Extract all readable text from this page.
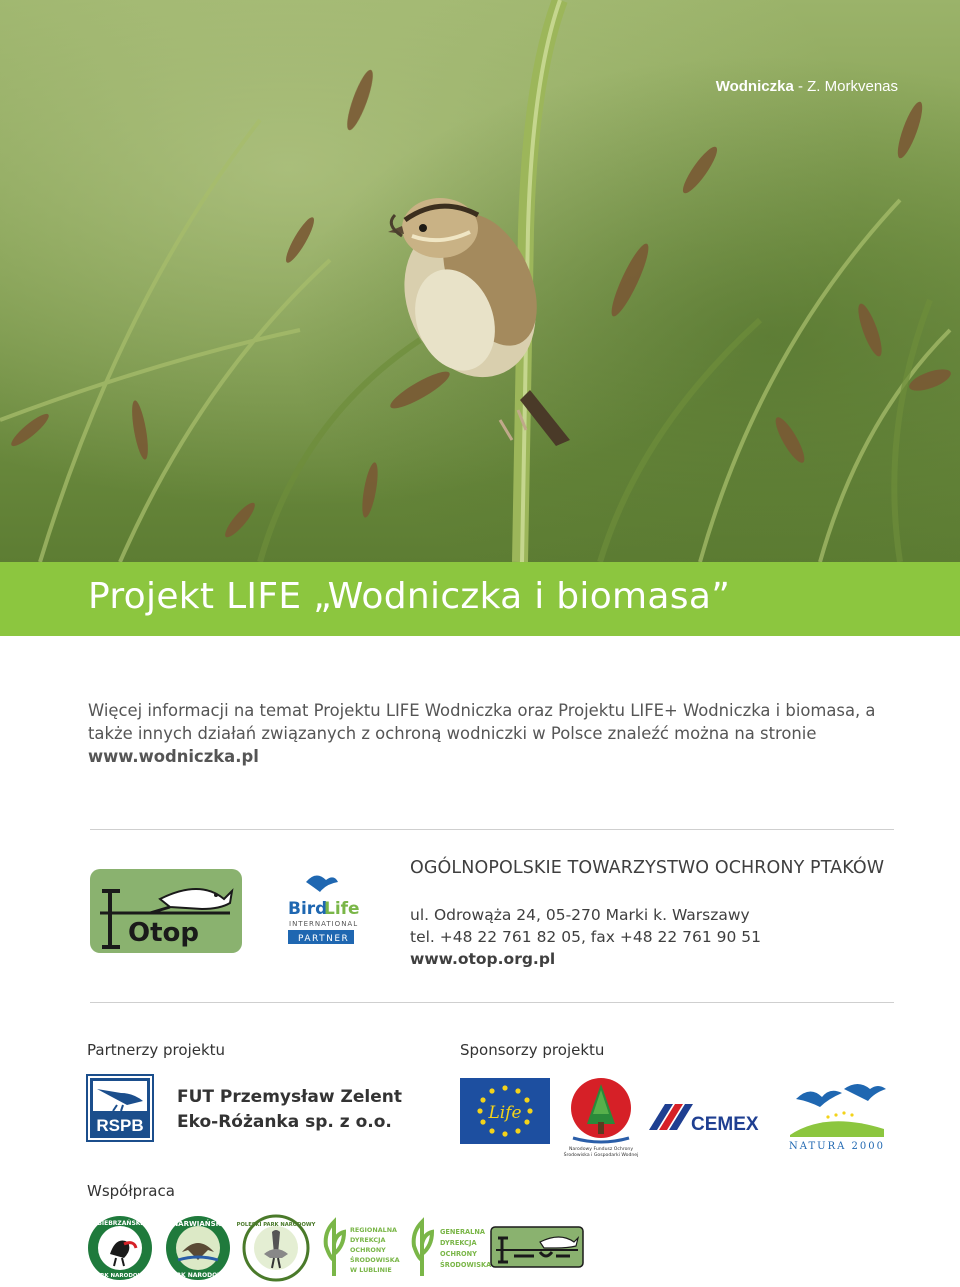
Wodniczka - Z. Morkvenas
Projekt LIFE „Wodniczka i biomasa”
Więcej informacji na temat Projektu LIFE Wodniczka oraz Projektu LIFE+ Wodniczka i biomasa, a także innych działań związanych z ochroną wodniczki w Polsce znaleźć można na stronie www.wodniczka.pl
Otop
Bird
Life
INTERNATIONAL
PARTNER
OGÓLNOPOLSKIE TOWARZYSTWO OCHRONY PTAKÓW
ul. Odrowąża 24, 05-270 Marki k. Warszawy
tel. +48 22 761 82 05, fax +48 22 761 90 51
www.otop.org.pl
Partnerzy projektu
RSPB
FUT Przemysław Zelent
Eko-Różanka sp. z o.o.
Sponsorzy projektu
Life
Narodowy Fundusz Ochrony
Środowiska i Gospodarki Wodnej
CEMEX
NATURA 2000
Współpraca
BIEBRZAŃSKI
PARK NARODOWY
NARWIAŃSKI
PARK NARODOWY
POLESKI PARK NARODOWY
REGIONALNA
DYREKCJA
OCHRONY
ŚRODOWISKA
W LUBLINIE
GENERALNA
DYREKCJA
OCHRONY
ŚRODOWISKA
